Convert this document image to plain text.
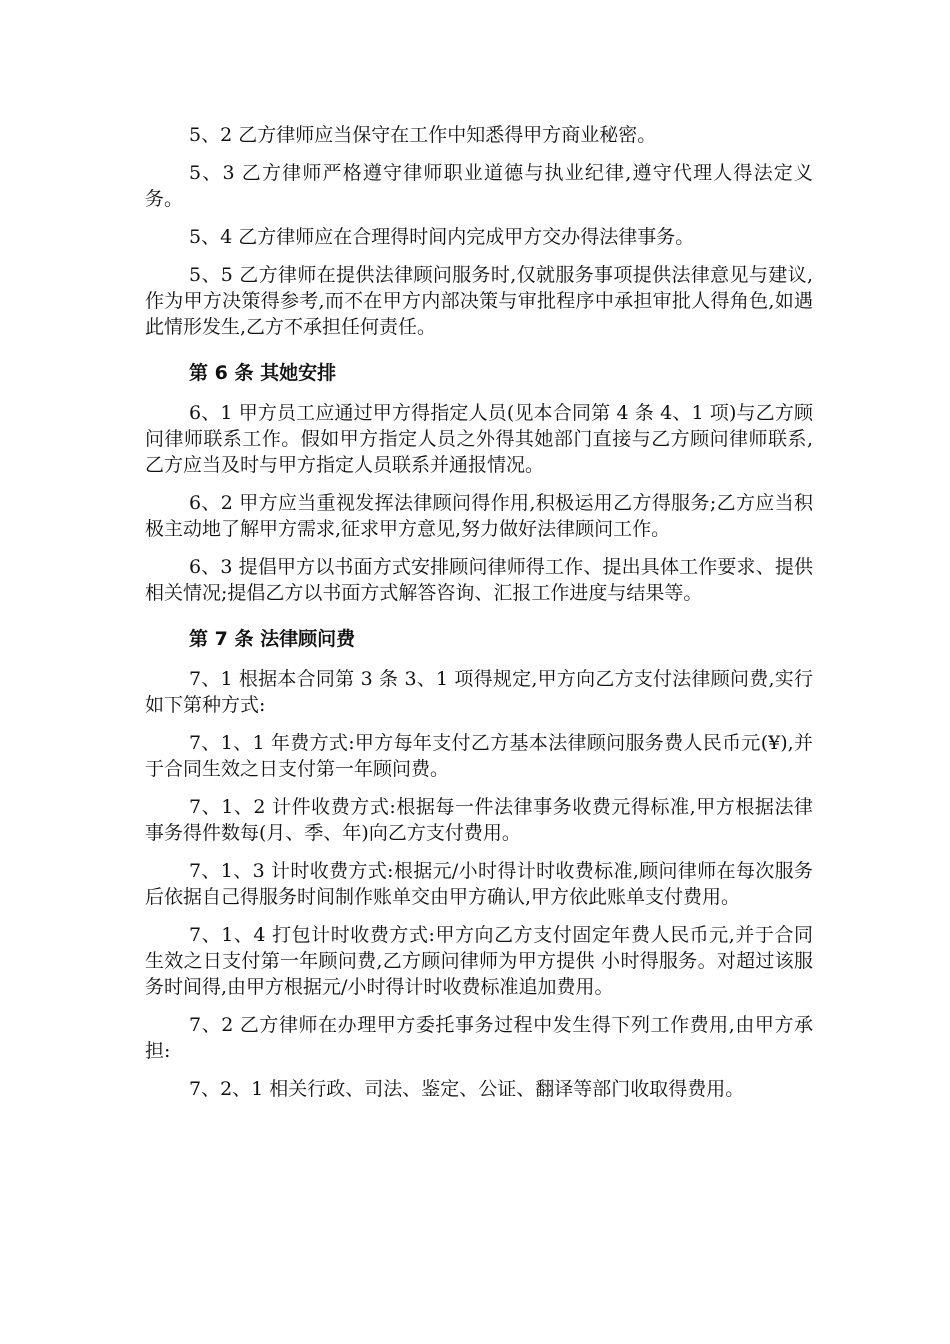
5、2 乙方律师应当保守在工作中知悉得甲方商业秘密。

5、3 乙方律师严格遵守律师职业道德与执业纪律,遵守代理人得法定义务。

5、4 乙方律师应在合理得时间内完成甲方交办得法律事务。

5、5 乙方律师在提供法律顾问服务时,仅就服务事项提供法律意见与建议,作为甲方决策得参考,而不在甲方内部决策与审批程序中承担审批人得角色,如遇此情形发生,乙方不承担任何责任。

第 6 条 其她安排

6、1 甲方员工应通过甲方得指定人员(见本合同第 4 条 4、1 项)与乙方顾问律师联系工作。假如甲方指定人员之外得其她部门直接与乙方顾问律师联系,乙方应当及时与甲方指定人员联系并通报情况。

6、2 甲方应当重视发挥法律顾问得作用,积极运用乙方得服务;乙方应当积极主动地了解甲方需求,征求甲方意见,努力做好法律顾问工作。

6、3 提倡甲方以书面方式安排顾问律师得工作、提出具体工作要求、提供相关情况;提倡乙方以书面方式解答咨询、汇报工作进度与结果等。

第 7 条 法律顾问费

7、1 根据本合同第 3 条 3、1 项得规定,甲方向乙方支付法律顾问费,实行如下第种方式:

7、1、1 年费方式:甲方每年支付乙方基本法律顾问服务费人民币元(¥),并于合同生效之日支付第一年顾问费。

7、1、2 计件收费方式:根据每一件法律事务收费元得标准,甲方根据法律事务得件数每(月、季、年)向乙方支付费用。

7、1、3 计时收费方式:根据元/小时得计时收费标准,顾问律师在每次服务后依据自己得服务时间制作账单交由甲方确认,甲方依此账单支付费用。

7、1、4 打包计时收费方式:甲方向乙方支付固定年费人民币元,并于合同生效之日支付第一年顾问费,乙方顾问律师为甲方提供 小时得服务。对超过该服务时间得,由甲方根据元/小时得计时收费标准追加费用。

7、2 乙方律师在办理甲方委托事务过程中发生得下列工作费用,由甲方承担:

7、2、1 相关行政、司法、鉴定、公证、翻译等部门收取得费用。
